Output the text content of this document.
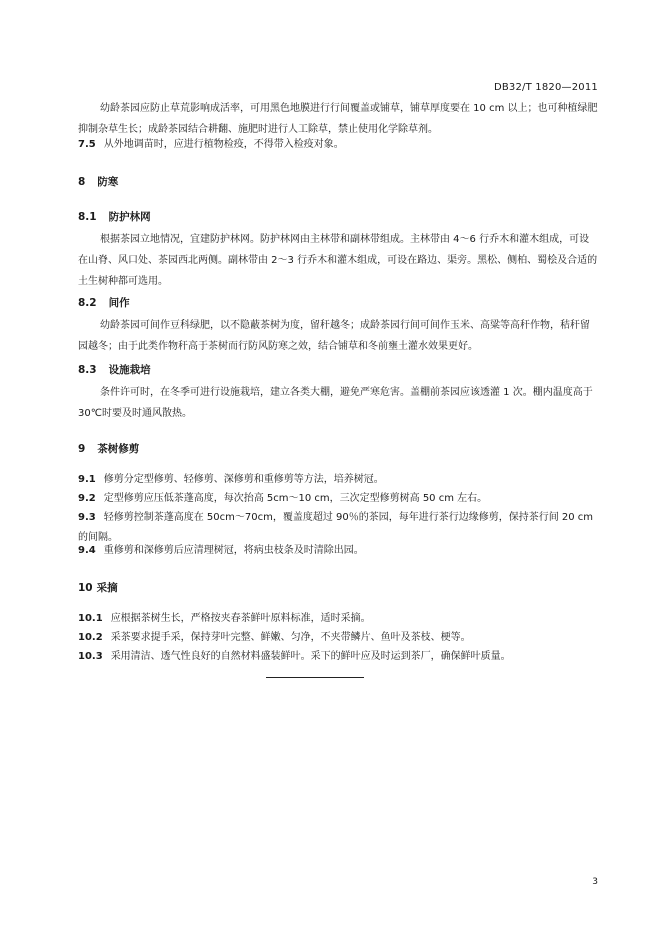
DB32/T 1820—2011
幼龄茶园应防止草荒影响成活率，可用黑色地膜进行行间覆盖或铺草，铺草厚度要在 10 cm 以上；也可种植绿肥抑制杂草生长；成龄茶园结合耕翻、施肥时进行人工除草，禁止使用化学除草剂。
7.5 从外地调苗时，应进行植物检疫，不得带入检疫对象。
8 防寒
8.1 防护林网
根据茶园立地情况，宜建防护林网。防护林网由主林带和副林带组成。主林带由 4～6 行乔木和灌木组成，可设在山脊、风口处、茶园西北两侧。副林带由 2～3 行乔木和灌木组成，可设在路边、渠旁。黑松、侧柏、蜀桧及合适的土生树种都可选用。
8.2 间作
幼龄茶园可间作豆科绿肥，以不隐蔽茶树为度，留秆越冬；成龄茶园行间可间作玉米、高粱等高秆作物，秸秆留园越冬；由于此类作物秆高于茶树而行防风防寒之效，结合铺草和冬前壅土灌水效果更好。
8.3 设施栽培
条件许可时，在冬季可进行设施栽培，建立各类大棚，避免严寒危害。盖棚前茶园应该透灌 1 次。棚内温度高于 30℃时要及时通风散热。
9 茶树修剪
9.1 修剪分定型修剪、轻修剪、深修剪和重修剪等方法，培养树冠。
9.2 定型修剪应压低茶蓬高度，每次抬高 5cm～10 cm，三次定型修剪树高 50 cm 左右。
9.3 轻修剪控制茶蓬高度在 50cm～70cm，覆盖度超过 90％的茶园，每年进行茶行边缘修剪，保持茶行间 20 cm 的间隔。
9.4 重修剪和深修剪后应清理树冠，将病虫枝条及时清除出园。
10 采摘
10.1 应根据茶树生长，严格按夹春茶鲜叶原料标准，适时采摘。
10.2 采茶要求提手采，保持芽叶完整、鲜嫩、匀净，不夹带鳞片、鱼叶及茶枝、梗等。
10.3 采用清洁、透气性良好的自然材料盛装鲜叶。采下的鲜叶应及时运到茶厂，确保鲜叶质量。
3
